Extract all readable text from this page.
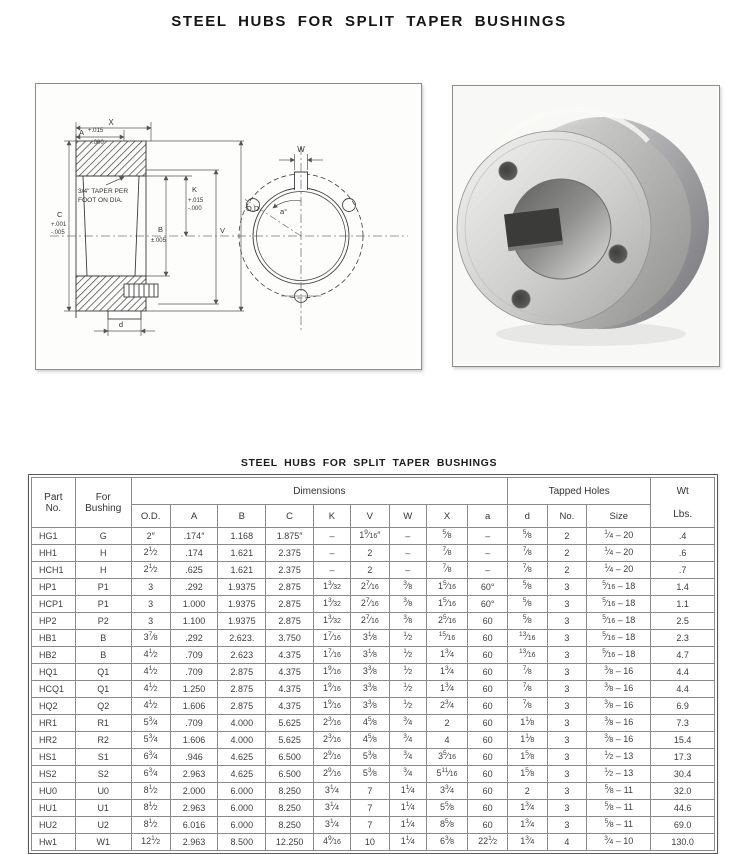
STEEL HUBS FOR SPLIT TAPER BUSHINGS
X
A +.015
-.000
3/4″ TAPER PER
FOOT ON DIA.
C
+.001
-.005
K
+.015
-.000
B
±.005
V
O.D.
d
W
a°
STEEL HUBS FOR SPLIT TAPER BUSHINGS
Part
No.	For
Bushing	Dimensions									Tapped Holes			Wt
Lbs.

		O.D.	A	B	C	K	V	W	X	a	d	No.	Size	
HG1	G	2″	.174″	1.168	1.875″	–	$1^9⁄16''$	–	$^5$⁄8	–	$^5$⁄8	2	$^1$⁄4 – 20	.4
HH1	H	$2^1⁄2$	.174	1.621	2.375	–	2	–	$^7$⁄8	–	$^7$⁄8	2	$^1$⁄4 – 20	.6
HCH1	H	$2^1⁄2$	.625	1.621	2.375	–	2	–	$^7$⁄8	–	$^7$⁄8	2	$^1$⁄4 – 20	.7
HP1	P1	3	.292	1.9375	2.875	$1^3⁄32$	$2^7⁄16$	$^3$⁄8	$1^5⁄16$	60°	$^5$⁄8	3	$^5$⁄16 – 18	1.4
HCP1	P1	3	1.000	1.9375	2.875	$1^3⁄32$	$2^7⁄16$	$^3$⁄8	$1^5⁄16$	60°	$^5$⁄8	3	$^5$⁄16 – 18	1.1
HP2	P2	3	1.100	1.9375	2.875	$1^3⁄32$	$2^7⁄16$	$^3$⁄8	$2^5⁄16$	60	$^5$⁄8	3	$^5$⁄16 – 18	2.5
HB1	B	$3^7⁄8$	.292	2.623.	3.750	$1^7⁄16$	$3^1⁄8$	$^1$⁄2	$^{15}$⁄16	60	$^{13}$⁄16	3	$^5$⁄16 – 18	2.3
HB2	B	$4^1⁄2$	.709	2.623	4.375	$1^7⁄16$	$3^1⁄8$	$^1$⁄2	$1^3⁄4$	60	$^{13}$⁄16	3	$^5$⁄16 – 18	4.7
HQ1	Q1	$4^1⁄2$	.709	2.875	4.375	$1^9⁄16$	$3^3⁄8$	$^1$⁄2	$1^3⁄4$	60	$^7$⁄8	3	$^3$⁄8 – 16	4.4
HCQ1	Q1	$4^1⁄2$	1.250	2.875	4.375	$1^9⁄16$	$3^3⁄8$	$^1$⁄2	$1^3⁄4$	60	$^7$⁄8	3	$^3$⁄8 – 16	4.4
HQ2	Q2	$4^1⁄2$	1.606	2.875	4.375	$1^9⁄16$	$3^3⁄8$	$^1$⁄2	$2^3⁄4$	60	$^7$⁄8	3	$^3$⁄8 – 16	6.9
HR1	R1	$5^3⁄4$	.709	4.000	5.625	$2^3⁄16$	$4^5⁄8$	$^3$⁄4	2	60	$1^1⁄8$	3	$^3$⁄8 – 16	7.3
HR2	R2	$5^3⁄4$	1.606	4.000	5.625	$2^3⁄16$	$4^5⁄8$	$^3$⁄4	4	60	$1^1⁄8$	3	$^3$⁄8 – 16	15.4
HS1	S1	$6^3⁄4$	.946	4.625	6.500	$2^9⁄16$	$5^3⁄8$	$^3$⁄4	$3^5⁄16$	60	$1^5⁄8$	3	$^1$⁄2 – 13	17.3
HS2	S2	$6^3⁄4$	2.963	4.625	6.500	$2^9⁄16$	$5^3⁄8$	$^3$⁄4	$5^{11}⁄16$	60	$1^5⁄8$	3	$^1$⁄2 – 13	30.4
HU0	U0	$8^1⁄2$	2.000	6.000	8.250	$3^1⁄4$	7	$1^1⁄4$	$3^3⁄4$	60	2	3	$^5$⁄8 – 11	32.0
HU1	U1	$8^1⁄2$	2.963	6.000	8.250	$3^1⁄4$	7	$1^1⁄4$	$5^5⁄8$	60	$1^3⁄4$	3	$^5$⁄8 – 11	44.6
HU2	U2	$8^1⁄2$	6.016	6.000	8.250	$3^1⁄4$	7	$1^1⁄4$	$8^5⁄8$	60	$1^3⁄4$	3	$^5$⁄8 – 11	69.0
Hw1	W1	$12^1⁄2$	2.963	8.500	12.250	$4^9⁄16$	10	$1^1⁄4$	$6^3⁄8$	$22^1⁄2$	$1^3⁄4$	4	$^3$⁄4 – 10	130.0
